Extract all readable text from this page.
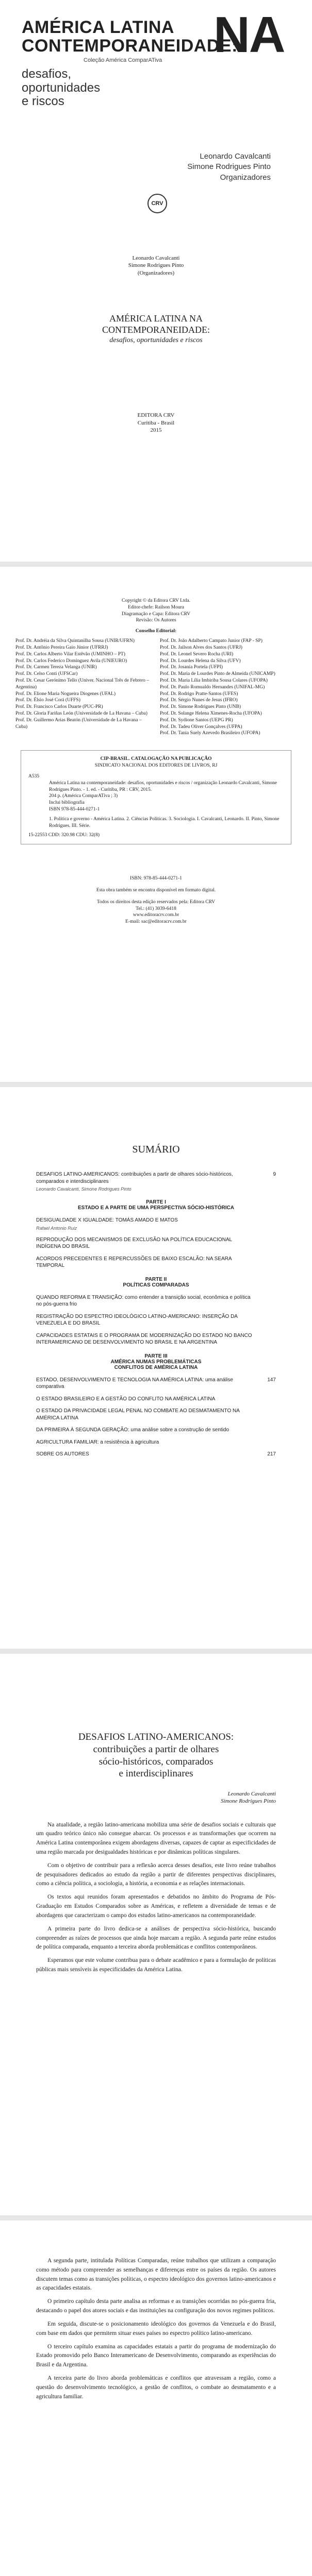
AMÉRICA LATINA
CONTEMPORANEIDADE:
NA
Coleção América ComparATiva
desafios,
oportunidades
e riscos
Leonardo Cavalcanti
Simone Rodrigues Pinto
Organizadores
CRV
Leonardo Cavalcanti
Simone Rodrigues Pinto
(Organizadores)
AMÉRICA LATINA NA
CONTEMPORANEIDADE:
desafios, oportunidades e riscos
EDITORA CRV
Curitiba - Brasil
2015
Copyright © da Editora CRV Ltda.
Editor-chefe: Railson Moura
Diagramação e Capa: Editora CRV
Revisão: Os Autores
Conselho Editorial:
Prof. Dr. Andréia da Silva Quintanilha Sousa (UNIR/UFRN)
Prof. Dr. Antônio Pereira Gaio Júnior (UFRRJ)
Prof. Dr. Carlos Alberto Vilar Estêvão (UMINHO – PT)
Prof. Dr. Carlos Federico Dominguez Avila (UNIEURO)
Prof. Dr. Carmen Tereza Velanga (UNIR)
Prof. Dr. Celso Conti (UFSCar)
Prof. Dr. Cesar Gerónimo Tello (Univer. Nacional Três de Febrero – Argentina)
Prof. Dr. Elione Maria Nogueira Diogenes (UFAL)
Prof. Dr. Élsio José Corá (UFFS)
Prof. Dr. Francisco Carlos Duarte (PUC-PR)
Prof. Dr. Gloria Fariñas León (Universidade de La Havana – Cuba)
Prof. Dr. Guillermo Arias Beatón (Universidade de La Havana – Cuba)
Prof. Dr. João Adalberto Campato Junior (FAP - SP)
Prof. Dr. Jailson Alves dos Santos (UFRJ)
Prof. Dr. Leonel Severo Rocha (URI)
Prof. Dr. Lourdes Helena da Silva (UFV)
Prof. Dr. Josania Portela (UFPI)
Prof. Dr. Maria de Lourdes Pinto de Almeida (UNICAMP)
Prof. Dr. Maria Lília Imbiriba Sousa Colares (UFOPA)
Prof. Dr. Paulo Romualdo Hernandes (UNIFAL-MG)
Prof. Dr. Rodrigo Pratte-Santos (UFES)
Prof. Dr. Sérgio Nunes de Jesus (IFRO)
Prof. Dr. Simone Rodrigues Pinto (UNB)
Prof. Dr. Solange Helena Ximenes-Rocha (UFOPA)
Prof. Dr. Sydione Santos (UEPG PR)
Prof. Dr. Tadeu Oliver Gonçalves (UFPA)
Prof. Dr. Tania Suely Azevedo Brasileiro (UFOPA)
CIP-BRASIL. CATALOGAÇÃO NA PUBLICAÇÃO
SINDICATO NACIONAL DOS EDITORES DE LIVROS, RJ
A535
América Latina na contemporaneidade: desafios, oportunidades e riscos / organização Leonardo Cavalcanti, Simone Rodrigues Pinto. - 1. ed. - Curitiba, PR : CRV, 2015.
204 p. (América ComparATiva ; 3)
Inclui bibliografia
ISBN 978-85-444-0271-1
1. Política e governo - América Latina. 2. Ciências Políticas. 3. Sociologia. I. Cavalcanti, Leonardo. II. Pinto, Simone Rodrigues. III. Série.
15-22553 CDD: 320.98 CDU: 32(8)
ISBN: 978-85-444-0271-1
Esta obra também se encontra disponível em formato digital.
Todos os direitos desta edição reservados pela: Editora CRV
Tel.: (41) 3039-6418
www.editoracrv.com.br
E-mail: sac@editoracrv.com.br
SUMÁRIO
DESAFIOS LATINO-AMERICANOS: contribuições a partir de olhares sócio-históricos, comparados e interdisciplinares
Leonardo Cavalcanti, Simone Rodrigues Pinto
9
PARTE I
ESTADO E A PARTE DE UMA PERSPECTIVA SÓCIO-HISTÓRICA
DESIGUALDADE X IGUALDADE: TOMÁS AMADO E MATOS
Rafael Antonio Ruiz
REPRODUÇÃO DOS MECANISMOS DE EXCLUSÃO NA POLÍTICA EDUCACIONAL INDÍGENA DO BRASIL
ACORDOS PRECEDENTES E REPERCUSSÕES DE BAIXO ESCALÃO: NA SEARA TEMPORAL
PARTE II
POLÍTICAS COMPARADAS
QUANDO REFORMA E TRANSIÇÃO: como entender a transição social, econômica e política no pós-guerra frio
REGISTRAÇÃO DO ESPECTRO IDEOLÓGICO LATINO-AMERICANO: INSERÇÃO DA VENEZUELA E DO BRASIL
CAPACIDADES ESTATAIS E O PROGRAMA DE MODERNIZAÇÃO DO ESTADO NO BANCO INTERAMERICANO DE DESENVOLVIMENTO NO BRASIL E NA ARGENTINA
PARTE III
AMÉRICA NUMAS PROBLEMÁTICAS
CONFLITOS DE AMÉRICA LATINA
ESTADO, DESENVOLVIMENTO E TECNOLOGIA NA AMÉRICA LATINA: uma análise comparativa
147
O ESTADO BRASILEIRO E A GESTÃO DO CONFLITO NA AMÉRICA LATINA
O ESTADO DA PRIVACIDADE LEGAL PENAL NO COMBATE AO DESMATAMENTO NA AMÉRICA LATINA
DA PRIMEIRA À SEGUNDA GERAÇÃO: uma análise sobre a construção de sentido
AGRICULTURA FAMILIAR: a resistência à agricultura
SOBRE OS AUTORES	217
DESAFIOS LATINO-AMERICANOS:
contribuições a partir de olhares
sócio-históricos, comparados
e interdisciplinares
Leonardo Cavalcanti
Simone Rodrigues Pinto

Na atualidade, a região latino-americana mobiliza uma série de desafios sociais e culturais que um quadro teórico único não consegue abarcar. Os processos e as transformações que ocorrem na América Latina contemporânea exigem abordagens diversas, capazes de captar as especificidades de uma região marcada por desigualdades históricas e por dinâmicas políticas singulares.

Com o objetivo de contribuir para a reflexão acerca desses desafios, este livro reúne trabalhos de pesquisadores dedicados ao estudo da região a partir de diferentes perspectivas disciplinares, como a ciência política, a sociologia, a história, a economia e as relações internacionais.

Os textos aqui reunidos foram apresentados e debatidos no âmbito do Programa de Pós-Graduação em Estudos Comparados sobre as Américas, e refletem a diversidade de temas e de abordagens que caracterizam o campo dos estudos latino-americanos na contemporaneidade.

A primeira parte do livro dedica-se a análises de perspectiva sócio-histórica, buscando compreender as raízes de processos que ainda hoje marcam a região. A segunda parte reúne estudos de política comparada, enquanto a terceira aborda problemáticas e conflitos contemporâneos.

Esperamos que este volume contribua para o debate acadêmico e para a formulação de políticas públicas mais sensíveis às especificidades da América Latina.

A segunda parte, intitulada Políticas Comparadas, reúne trabalhos que utilizam a comparação como método para compreender as semelhanças e diferenças entre os países da região. Os autores discutem temas como as transições políticas, o espectro ideológico dos governos latino-americanos e as capacidades estatais.

O primeiro capítulo desta parte analisa as reformas e as transições ocorridas no pós-guerra fria, destacando o papel dos atores sociais e das instituições na configuração dos novos regimes políticos.

Em seguida, discute-se o posicionamento ideológico dos governos da Venezuela e do Brasil, com base em dados que permitem situar esses países no espectro político latino-americano.

O terceiro capítulo examina as capacidades estatais a partir do programa de modernização do Estado promovido pelo Banco Interamericano de Desenvolvimento, comparando as experiências do Brasil e da Argentina.

A terceira parte do livro aborda problemáticas e conflitos que atravessam a região, como a questão do desenvolvimento tecnológico, a gestão de conflitos, o combate ao desmatamento e a agricultura familiar.
